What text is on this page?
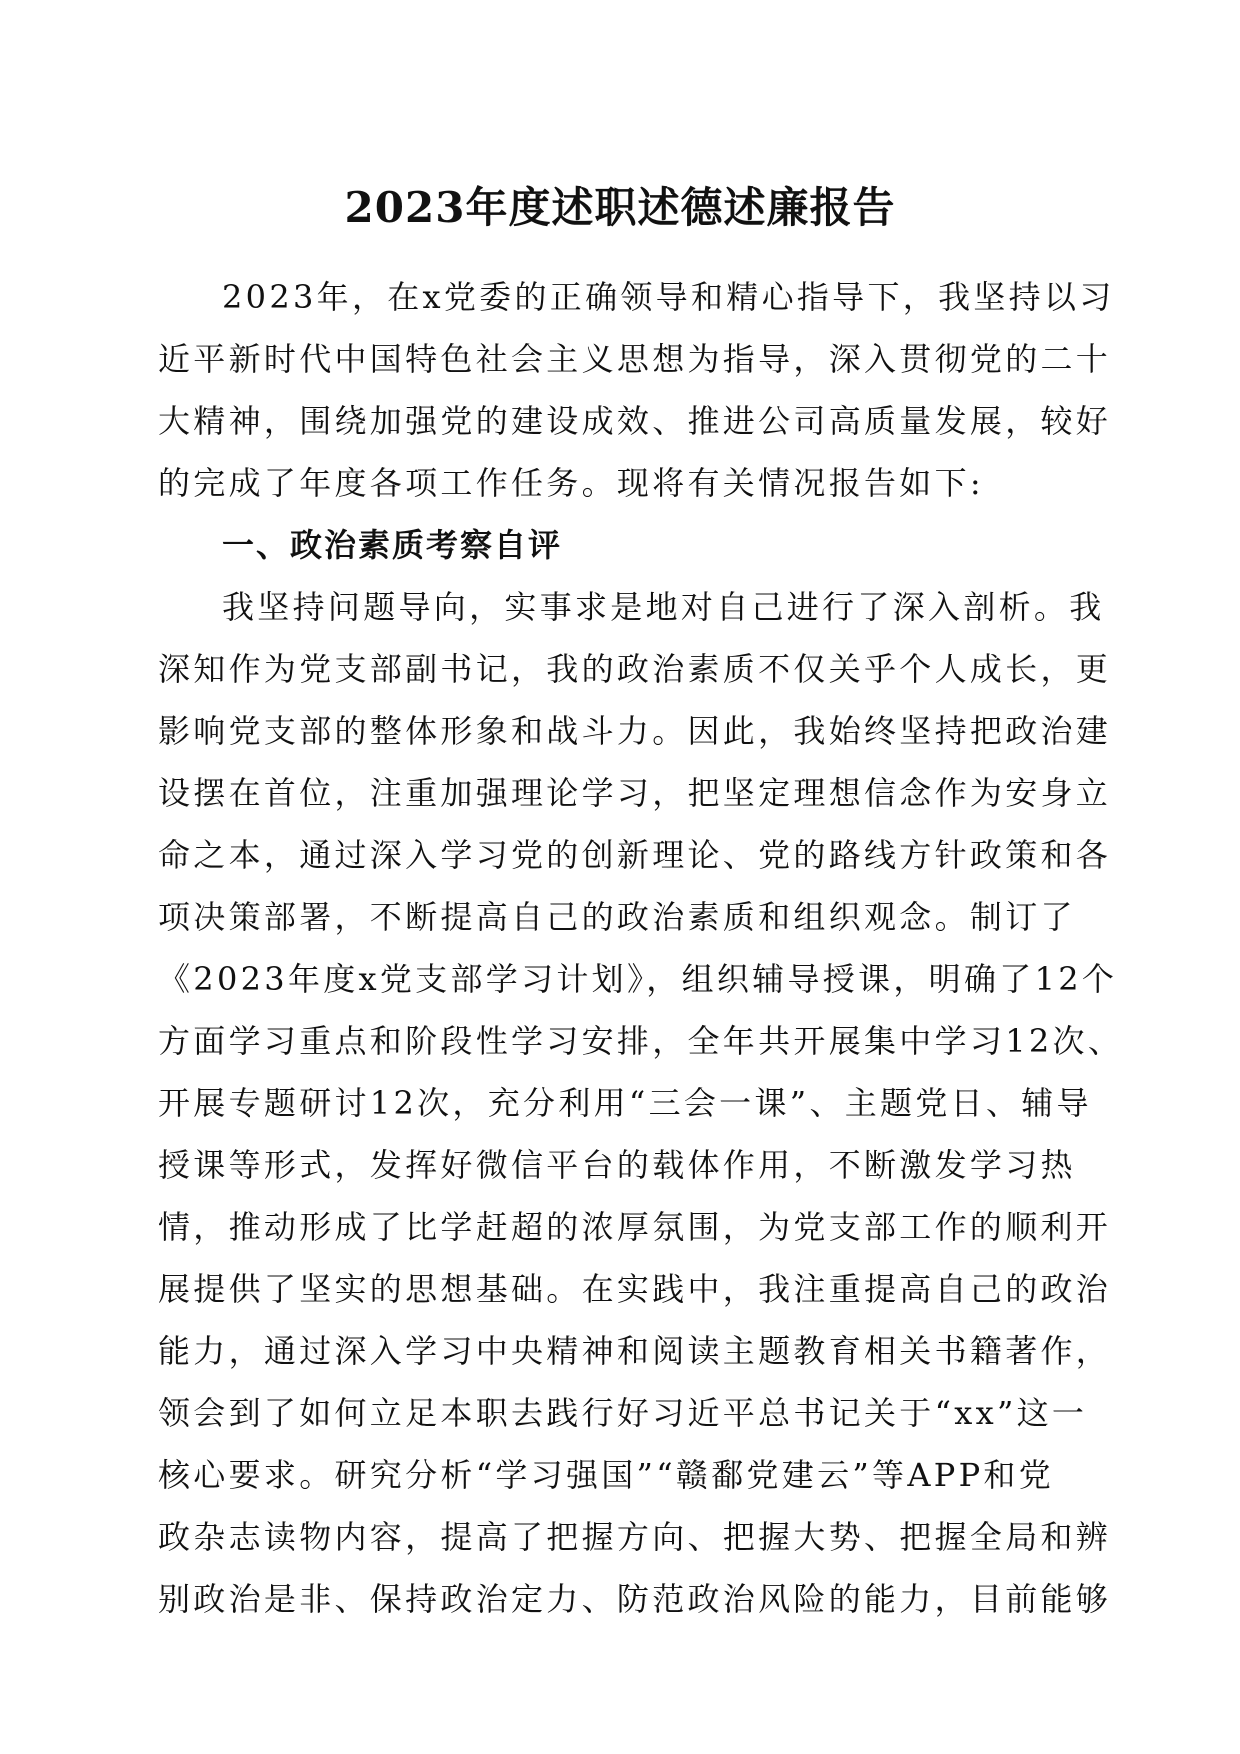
2023年度述职述德述廉报告
2023年，在x党委的正确领导和精心指导下，我坚持以习
近平新时代中国特色社会主义思想为指导，深入贯彻党的二十
大精神，围绕加强党的建设成效、推进公司高质量发展，较好
的完成了年度各项工作任务。现将有关情况报告如下:
一、政治素质考察自评
我坚持问题导向，实事求是地对自己进行了深入剖析。我
深知作为党支部副书记，我的政治素质不仅关乎个人成长，更
影响党支部的整体形象和战斗力。因此，我始终坚持把政治建
设摆在首位，注重加强理论学习，把坚定理想信念作为安身立
命之本，通过深入学习党的创新理论、党的路线方针政策和各
项决策部署，不断提高自己的政治素质和组织观念。制订了
《2023年度x党支部学习计划》，组织辅导授课，明确了12个
方面学习重点和阶段性学习安排，全年共开展集中学习12次、
开展专题研讨12次，充分利用“三会一课”、主题党日、辅导
授课等形式，发挥好微信平台的载体作用，不断激发学习热
情，推动形成了比学赶超的浓厚氛围，为党支部工作的顺利开
展提供了坚实的思想基础。在实践中，我注重提高自己的政治
能力，通过深入学习中央精神和阅读主题教育相关书籍著作，
领会到了如何立足本职去践行好习近平总书记关于“xx”这一
核心要求。研究分析“学习强国”“赣鄱党建云”等APP和党
政杂志读物内容，提高了把握方向、把握大势、把握全局和辨
别政治是非、保持政治定力、防范政治风险的能力，目前能够
